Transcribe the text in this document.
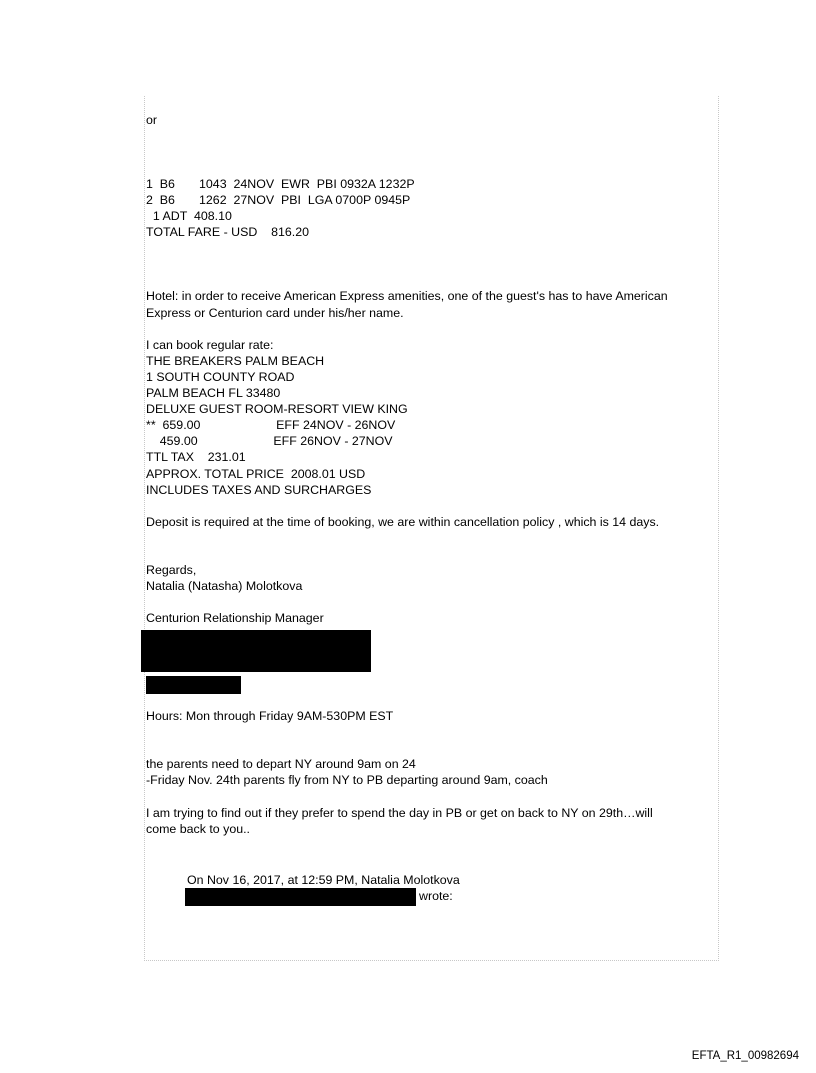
or
1  B6       1043  24NOV  EWR  PBI 0932A 1232P
2  B6       1262  27NOV  PBI  LGA 0700P 0945P
1 ADT  408.10
TOTAL FARE - USD    816.20
Hotel: in order to receive American Express amenities, one of the guest's has to have American Express or Centurion card under his/her name.
I can book regular rate:
THE BREAKERS PALM BEACH
1 SOUTH COUNTY ROAD
PALM BEACH FL 33480
DELUXE GUEST ROOM-RESORT VIEW KING
**  659.00                      EFF 24NOV - 26NOV
459.00                      EFF 26NOV - 27NOV
TTL TAX    231.01
APPROX. TOTAL PRICE  2008.01 USD
INCLUDES TAXES AND SURCHARGES
Deposit is required at the time of booking, we are within cancellation policy , which is 14 days.
Regards,
Natalia (Natasha) Molotkova
Centurion Relationship Manager
Hours: Mon through Friday 9AM-530PM EST
the parents need to depart NY around 9am on 24
-Friday Nov. 24th parents fly from NY to PB departing around 9am, coach
I am trying to find out if they prefer to spend the day in PB or get on back to NY on 29th…will come back to you..
On Nov 16, 2017, at 12:59 PM, Natalia Molotkova
wrote:
EFTA_R1_00982694
